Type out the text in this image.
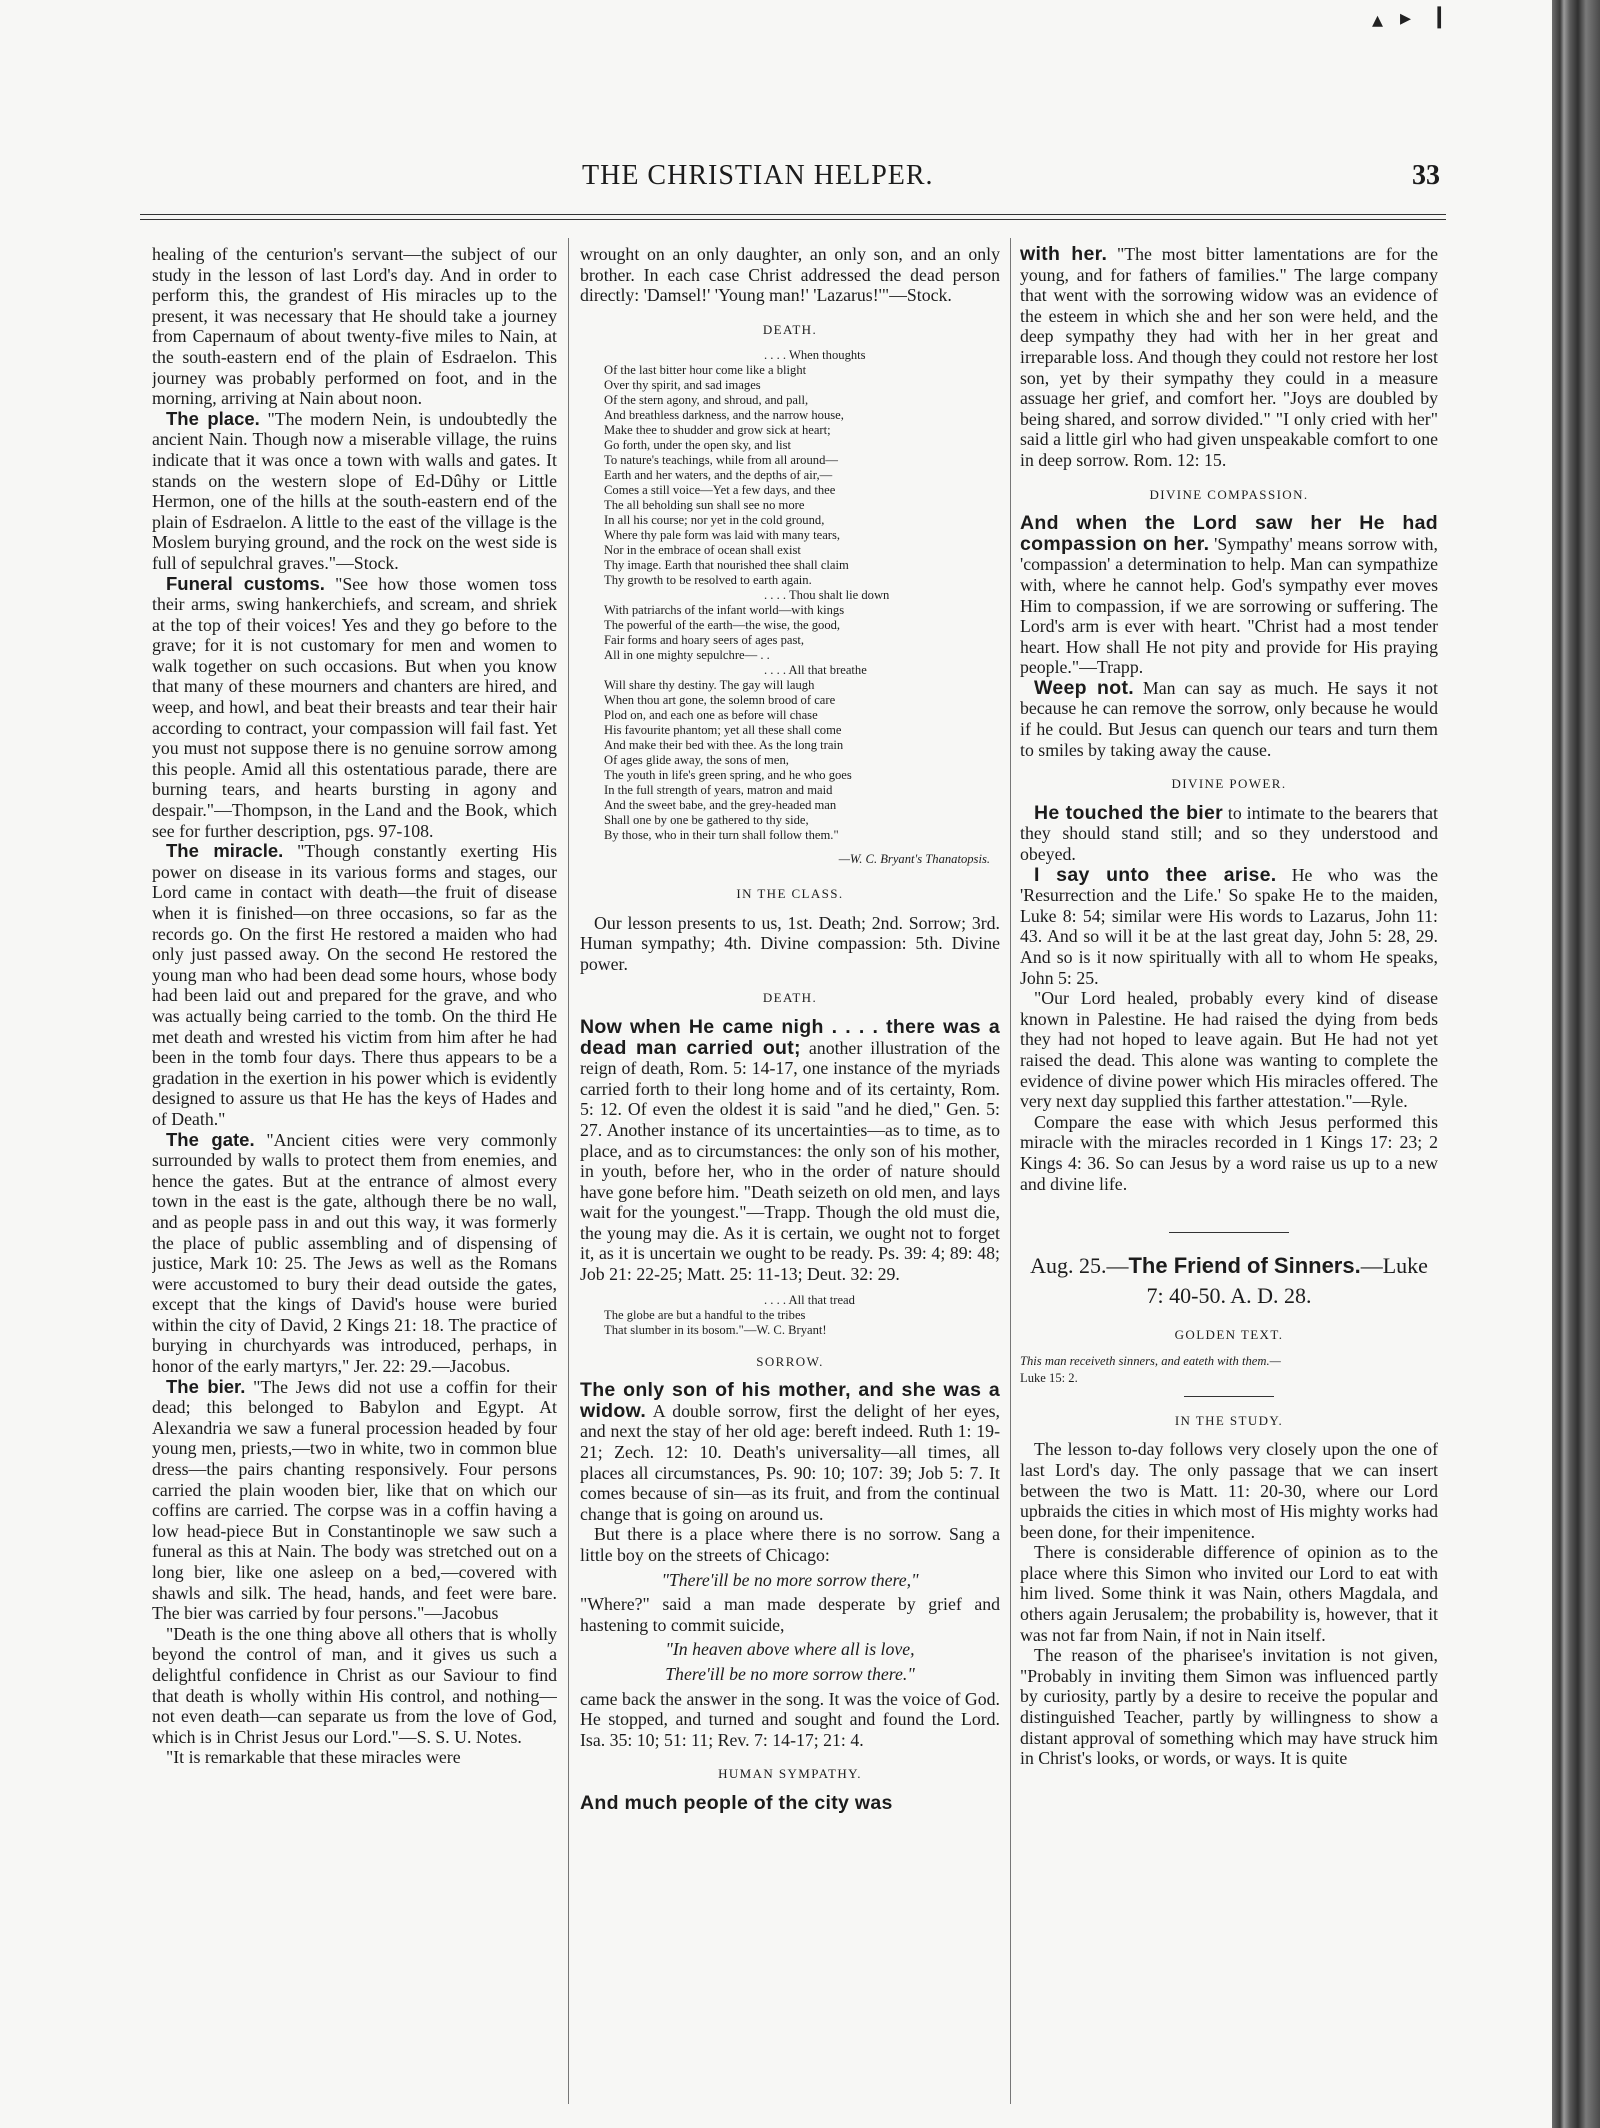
▴ ▸ ❙
THE CHRISTIAN HELPER.	33

healing of the centurion's servant—the subject of our study in the lesson of last Lord's day. And in order to perform this, the grandest of His miracles up to the present, it was necessary that He should take a journey from Capernaum of about twenty-five miles to Nain, at the south-eastern end of the plain of Esdraelon. This journey was probably performed on foot, and in the morning, arriving at Nain about noon.

The place. "The modern Nein, is undoubtedly the ancient Nain. Though now a miserable village, the ruins indicate that it was once a town with walls and gates. It stands on the western slope of Ed-Dûhy or Little Hermon, one of the hills at the south-eastern end of the plain of Esdraelon. A little to the east of the village is the Moslem burying ground, and the rock on the west side is full of sepulchral graves."—Stock.

Funeral customs. "See how those women toss their arms, swing hankerchiefs, and scream, and shriek at the top of their voices! Yes and they go before to the grave; for it is not customary for men and women to walk together on such occasions. But when you know that many of these mourners and chanters are hired, and weep, and howl, and beat their breasts and tear their hair according to contract, your compassion will fail fast. Yet you must not suppose there is no genuine sorrow among this people. Amid all this ostentatious parade, there are burning tears, and hearts bursting in agony and despair."—Thompson, in the Land and the Book, which see for further description, pgs. 97-108.

The miracle. "Though constantly exerting His power on disease in its various forms and stages, our Lord came in contact with death—the fruit of disease when it is finished—on three occasions, so far as the records go. On the first He restored a maiden who had only just passed away. On the second He restored the young man who had been dead some hours, whose body had been laid out and prepared for the grave, and who was actually being carried to the tomb. On the third He met death and wrested his victim from him after he had been in the tomb four days. There thus appears to be a gradation in the exertion in his power which is evidently designed to assure us that He has the keys of Hades and of Death."

The gate. "Ancient cities were very commonly surrounded by walls to protect them from enemies, and hence the gates. But at the entrance of almost every town in the east is the gate, although there be no wall, and as people pass in and out this way, it was formerly the place of public assembling and of dispensing of justice, Mark 10: 25. The Jews as well as the Romans were accustomed to bury their dead outside the gates, except that the kings of David's house were buried within the city of David, 2 Kings 21: 18. The practice of burying in churchyards was introduced, perhaps, in honor of the early martyrs," Jer. 22: 29.—Jacobus.

The bier. "The Jews did not use a coffin for their dead; this belonged to Babylon and Egypt. At Alexandria we saw a funeral procession headed by four young men, priests,—two in white, two in common blue dress—the pairs chanting responsively. Four persons carried the plain wooden bier, like that on which our coffins are carried. The corpse was in a coffin having a low head-piece But in Constantinople we saw such a funeral as this at Nain. The body was stretched out on a long bier, like one asleep on a bed,—covered with shawls and silk. The head, hands, and feet were bare. The bier was carried by four persons."—Jacobus

"Death is the one thing above all others that is wholly beyond the control of man, and it gives us such a delightful confidence in Christ as our Saviour to find that death is wholly within His control, and nothing—not even death—can separate us from the love of God, which is in Christ Jesus our Lord."—S. S. U. Notes.

"It is remarkable that these miracles were

wrought on an only daughter, an only son, and an only brother. In each case Christ addressed the dead person directly: 'Damsel!' 'Young man!' 'Lazarus!'"—Stock.

DEATH.
. . . . When thoughts
Of the last bitter hour come like a blight
Over thy spirit, and sad images
Of the stern agony, and shroud, and pall,
And breathless darkness, and the narrow house,
Make thee to shudder and grow sick at heart;
Go forth, under the open sky, and list
To nature's teachings, while from all around—
Earth and her waters, and the depths of air,—
Comes a still voice—Yet a few days, and thee
The all beholding sun shall see no more
In all his course; nor yet in the cold ground,
Where thy pale form was laid with many tears,
Nor in the embrace of ocean shall exist
Thy image. Earth that nourished thee shall claim
Thy growth to be resolved to earth again.
. . . . Thou shalt lie down
With patriarchs of the infant world—with kings
The powerful of the earth—the wise, the good,
Fair forms and hoary seers of ages past,
All in one mighty sepulchre— . .
. . . . All that breathe
Will share thy destiny. The gay will laugh
When thou art gone, the solemn brood of care
Plod on, and each one as before will chase
His favourite phantom; yet all these shall come
And make their bed with thee. As the long train
Of ages glide away, the sons of men,
The youth in life's green spring, and he who goes
In the full strength of years, matron and maid
And the sweet babe, and the grey-headed man
Shall one by one be gathered to thy side,
By those, who in their turn shall follow them."
—W. C. Bryant's Thanatopsis.
IN THE CLASS.

Our lesson presents to us, 1st. Death; 2nd. Sorrow; 3rd. Human sympathy; 4th. Divine compassion: 5th. Divine power.

DEATH.

Now when He came nigh . . . . there was a dead man carried out; another illustration of the reign of death, Rom. 5: 14-17, one instance of the myriads carried forth to their long home and of its certainty, Rom. 5: 12. Of even the oldest it is said "and he died," Gen. 5: 27. Another instance of its uncertainties—as to time, as to place, and as to circumstances: the only son of his mother, in youth, before her, who in the order of nature should have gone before him. "Death seizeth on old men, and lays wait for the youngest."—Trapp. Though the old must die, the young may die. As it is certain, we ought not to forget it, as it is uncertain we ought to be ready. Ps. 39: 4; 89: 48; Job 21: 22-25; Matt. 25: 11-13; Deut. 32: 29.

. . . . All that tread
The globe are but a handful to the tribes
That slumber in its bosom."—W. C. Bryant!
SORROW.

The only son of his mother, and she was a widow. A double sorrow, first the delight of her eyes, and next the stay of her old age: bereft indeed. Ruth 1: 19-21; Zech. 12: 10. Death's universality—all times, all places all circumstances, Ps. 90: 10; 107: 39; Job 5: 7. It comes because of sin—as its fruit, and from the continual change that is going on around us.

But there is a place where there is no sorrow. Sang a little boy on the streets of Chicago:

"There'ill be no more sorrow there,"

"Where?" said a man made desperate by grief and hastening to commit suicide,

"In heaven above where all is love,

There'ill be no more sorrow there."

came back the answer in the song. It was the voice of God. He stopped, and turned and sought and found the Lord. Isa. 35: 10; 51: 11; Rev. 7: 14-17; 21: 4.

HUMAN SYMPATHY.

And much people of the city was

with her. "The most bitter lamentations are for the young, and for fathers of families." The large company that went with the sorrowing widow was an evidence of the esteem in which she and her son were held, and the deep sympathy they had with her in her great and irreparable loss. And though they could not restore her lost son, yet by their sympathy they could in a measure assuage her grief, and comfort her. "Joys are doubled by being shared, and sorrow divided." "I only cried with her" said a little girl who had given unspeakable comfort to one in deep sorrow. Rom. 12: 15.

DIVINE COMPASSION.

And when the Lord saw her He had compassion on her. 'Sympathy' means sorrow with, 'compassion' a determination to help. Man can sympathize with, where he cannot help. God's sympathy ever moves Him to compassion, if we are sorrowing or suffering. The Lord's arm is ever with heart. "Christ had a most tender heart. How shall He not pity and provide for His praying people."—Trapp.

Weep not. Man can say as much. He says it not because he can remove the sorrow, only because he would if he could. But Jesus can quench our tears and turn them to smiles by taking away the cause.

DIVINE POWER.

He touched the bier to intimate to the bearers that they should stand still; and so they understood and obeyed.

I say unto thee arise. He who was the 'Resurrection and the Life.' So spake He to the maiden, Luke 8: 54; similar were His words to Lazarus, John 11: 43. And so will it be at the last great day, John 5: 28, 29. And so is it now spiritually with all to whom He speaks, John 5: 25.

"Our Lord healed, probably every kind of disease known in Palestine. He had raised the dying from beds they had not hoped to leave again. But He had not yet raised the dead. This alone was wanting to complete the evidence of divine power which His miracles offered. The very next day supplied this farther attestation."—Ryle.

Compare the ease with which Jesus performed this miracle with the miracles recorded in 1 Kings 17: 23; 2 Kings 4: 36. So can Jesus by a word raise us up to a new and divine life.

Aug. 25.—The Friend of Sinners.—Luke 7: 40-50. A. D. 28.

GOLDEN TEXT.

This man receiveth sinners, and eateth with them.—

Luke 15: 2.

IN THE STUDY.

The lesson to-day follows very closely upon the one of last Lord's day. The only passage that we can insert between the two is Matt. 11: 20-30, where our Lord upbraids the cities in which most of His mighty works had been done, for their impenitence.

There is considerable difference of opinion as to the place where this Simon who invited our Lord to eat with him lived. Some think it was Nain, others Magdala, and others again Jerusalem; the probability is, however, that it was not far from Nain, if not in Nain itself.

The reason of the pharisee's invitation is not given, "Probably in inviting them Simon was influenced partly by curiosity, partly by a desire to receive the popular and distinguished Teacher, partly by willingness to show a distant approval of something which may have struck him in Christ's looks, or words, or ways. It is quite
